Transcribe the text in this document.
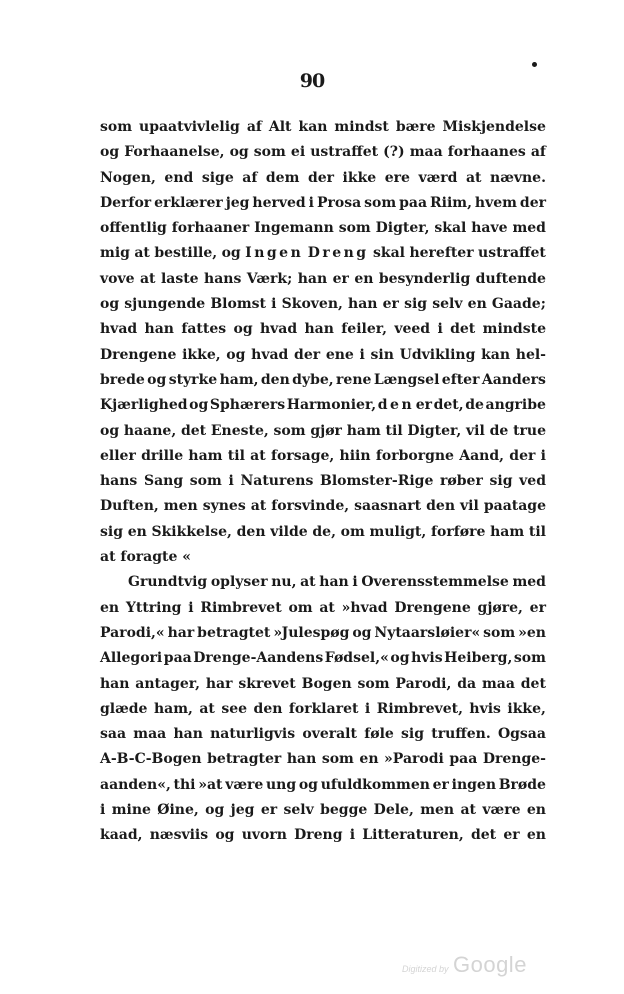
90
som upaatvivlelig af Alt kan mindst bære Miskjendelse
og Forhaanelse, og som ei ustraffet (?) maa forhaanes af
Nogen, end sige af dem der ikke ere værd at nævne.
Derfor erklærer jeg herved i Prosa som paa Riim, hvem der
offentlig forhaaner Ingemann som Digter, skal have med
mig at bestille, og Ingen Dreng skal herefter ustraffet
vove at laste hans Værk; han er en besynderlig duftende
og sjungende Blomst i Skoven, han er sig selv en Gaade;
hvad han fattes og hvad han feiler, veed i det mindste
Drengene ikke, og hvad der ene i sin Udvikling kan hel-
brede og styrke ham, den dybe, rene Længsel efter Aanders
Kjærlighed og Sphærers Harmonier, den er det, de angribe
og haane, det Eneste, som gjør ham til Digter, vil de true
eller drille ham til at forsage, hiin forborgne Aand, der i
hans Sang som i Naturens Blomster-Rige røber sig ved
Duften, men synes at forsvinde, saasnart den vil paatage
sig en Skikkelse, den vilde de, om muligt, forføre ham til
at
foragte
«

Grundtvig oplyser nu, at han i Overensstemmelse med
en Yttring i Rimbrevet om at »hvad Drengene gjøre, er
Parodi,« har betragtet »Julespøg og Nytaarsløier« som »en
Allegori paa Drenge-Aandens Fødsel,« og hvis Heiberg, som
han antager, har skrevet Bogen som Parodi, da maa det
glæde ham, at see den forklaret i Rimbrevet, hvis ikke,
saa maa han naturligvis overalt føle sig truffen. Ogsaa
A-B-C-Bogen betragter han som en »Parodi paa Drenge-
aanden«, thi »at være ung og ufuldkommen er ingen Brøde
i mine Øine, og jeg er selv begge Dele, men at være en
kaad, næsviis og uvorn Dreng i Litteraturen, det er en
Digitized by Google
